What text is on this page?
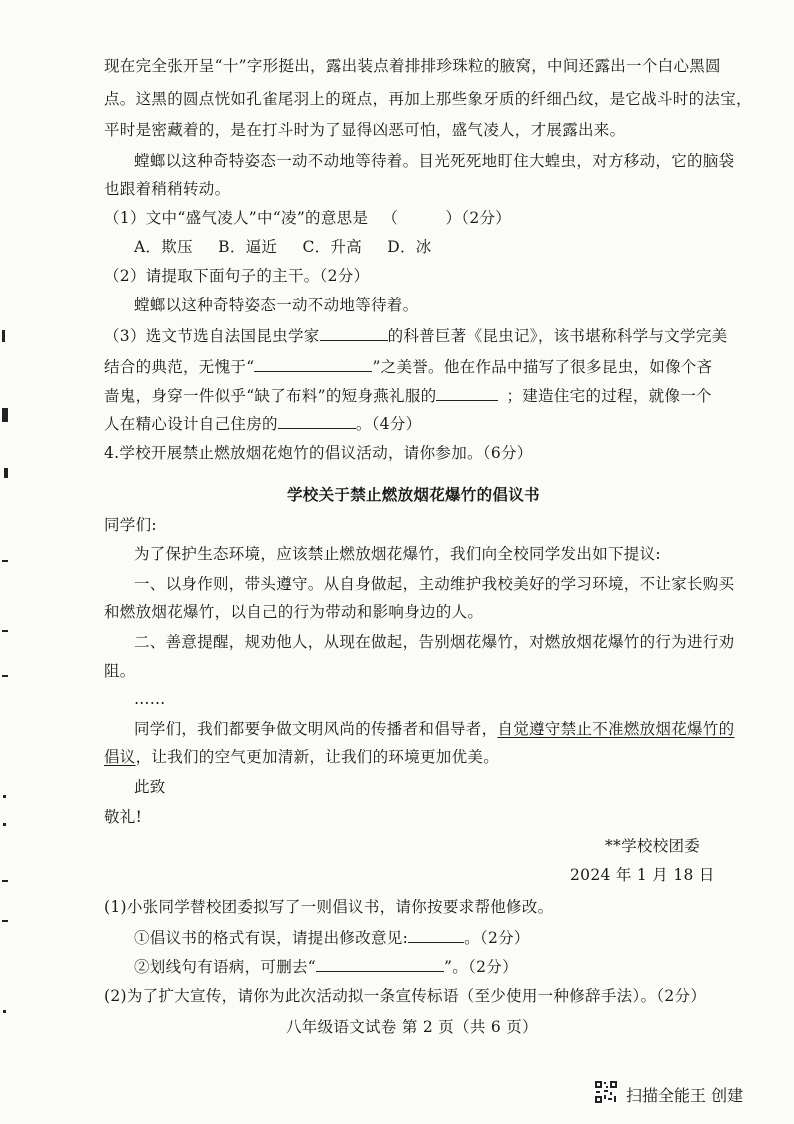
现在完全张开呈“十”字形挺出，露出装点着排排珍珠粒的腋窝，中间还露出一个白心黑圆
点。这黑的圆点恍如孔雀尾羽上的斑点，再加上那些象牙质的纤细凸纹，是它战斗时的法宝，
平时是密藏着的，是在打斗时为了显得凶恶可怕，盛气凌人，才展露出来。
螳螂以这种奇特姿态一动不动地等待着。目光死死地盯住大蝗虫，对方移动，它的脑袋
也跟着稍稍转动。
（1）文中“盛气凌人”中“凌”的意思是 （　　　）（2分）
A．欺压 B．逼近 C．升高 D．冰
（2）请提取下面句子的主干。（2分）
螳螂以这种奇特姿态一动不动地等待着。
（3）选文节选自法国昆虫学家	的科普巨著《昆虫记》，该书堪称科学与文学完美
结合的典范，无愧于“	”之美誉。他在作品中描写了很多昆虫，如像个吝
啬鬼，身穿一件似乎“缺了布料”的短身燕礼服的	；建造住宅的过程，就像一个
人在精心设计自己住房的	。（4分）
4.学校开展禁止燃放烟花炮竹的倡议活动，请你参加。（6分）
学校关于禁止燃放烟花爆竹的倡议书
同学们:
为了保护生态环境，应该禁止燃放烟花爆竹，我们向全校同学发出如下提议:
一、以身作则，带头遵守。从自身做起，主动维护我校美好的学习环境，不让家长购买
和燃放烟花爆竹，以自己的行为带动和影响身边的人。
二、善意提醒，规劝他人，从现在做起，告别烟花爆竹，对燃放烟花爆竹的行为进行劝
阻。
……
同学们，我们都要争做文明风尚的传播者和倡导者，自觉遵守禁止不准燃放烟花爆竹的
倡议，让我们的空气更加清新，让我们的环境更加优美。
此致
敬礼!
**学校校团委
2024 年 1 月 18 日
(1)小张同学替校团委拟写了一则倡议书，请你按要求帮他修改。
①倡议书的格式有误，请提出修改意见:	。（2分）
②划线句有语病，可删去“	”。（2分）
(2)为了扩大宣传，请你为此次活动拟一条宣传标语（至少使用一种修辞手法）。（2分）
八年级语文试卷 第 2 页（共 6 页）
扫描全能王 创建
